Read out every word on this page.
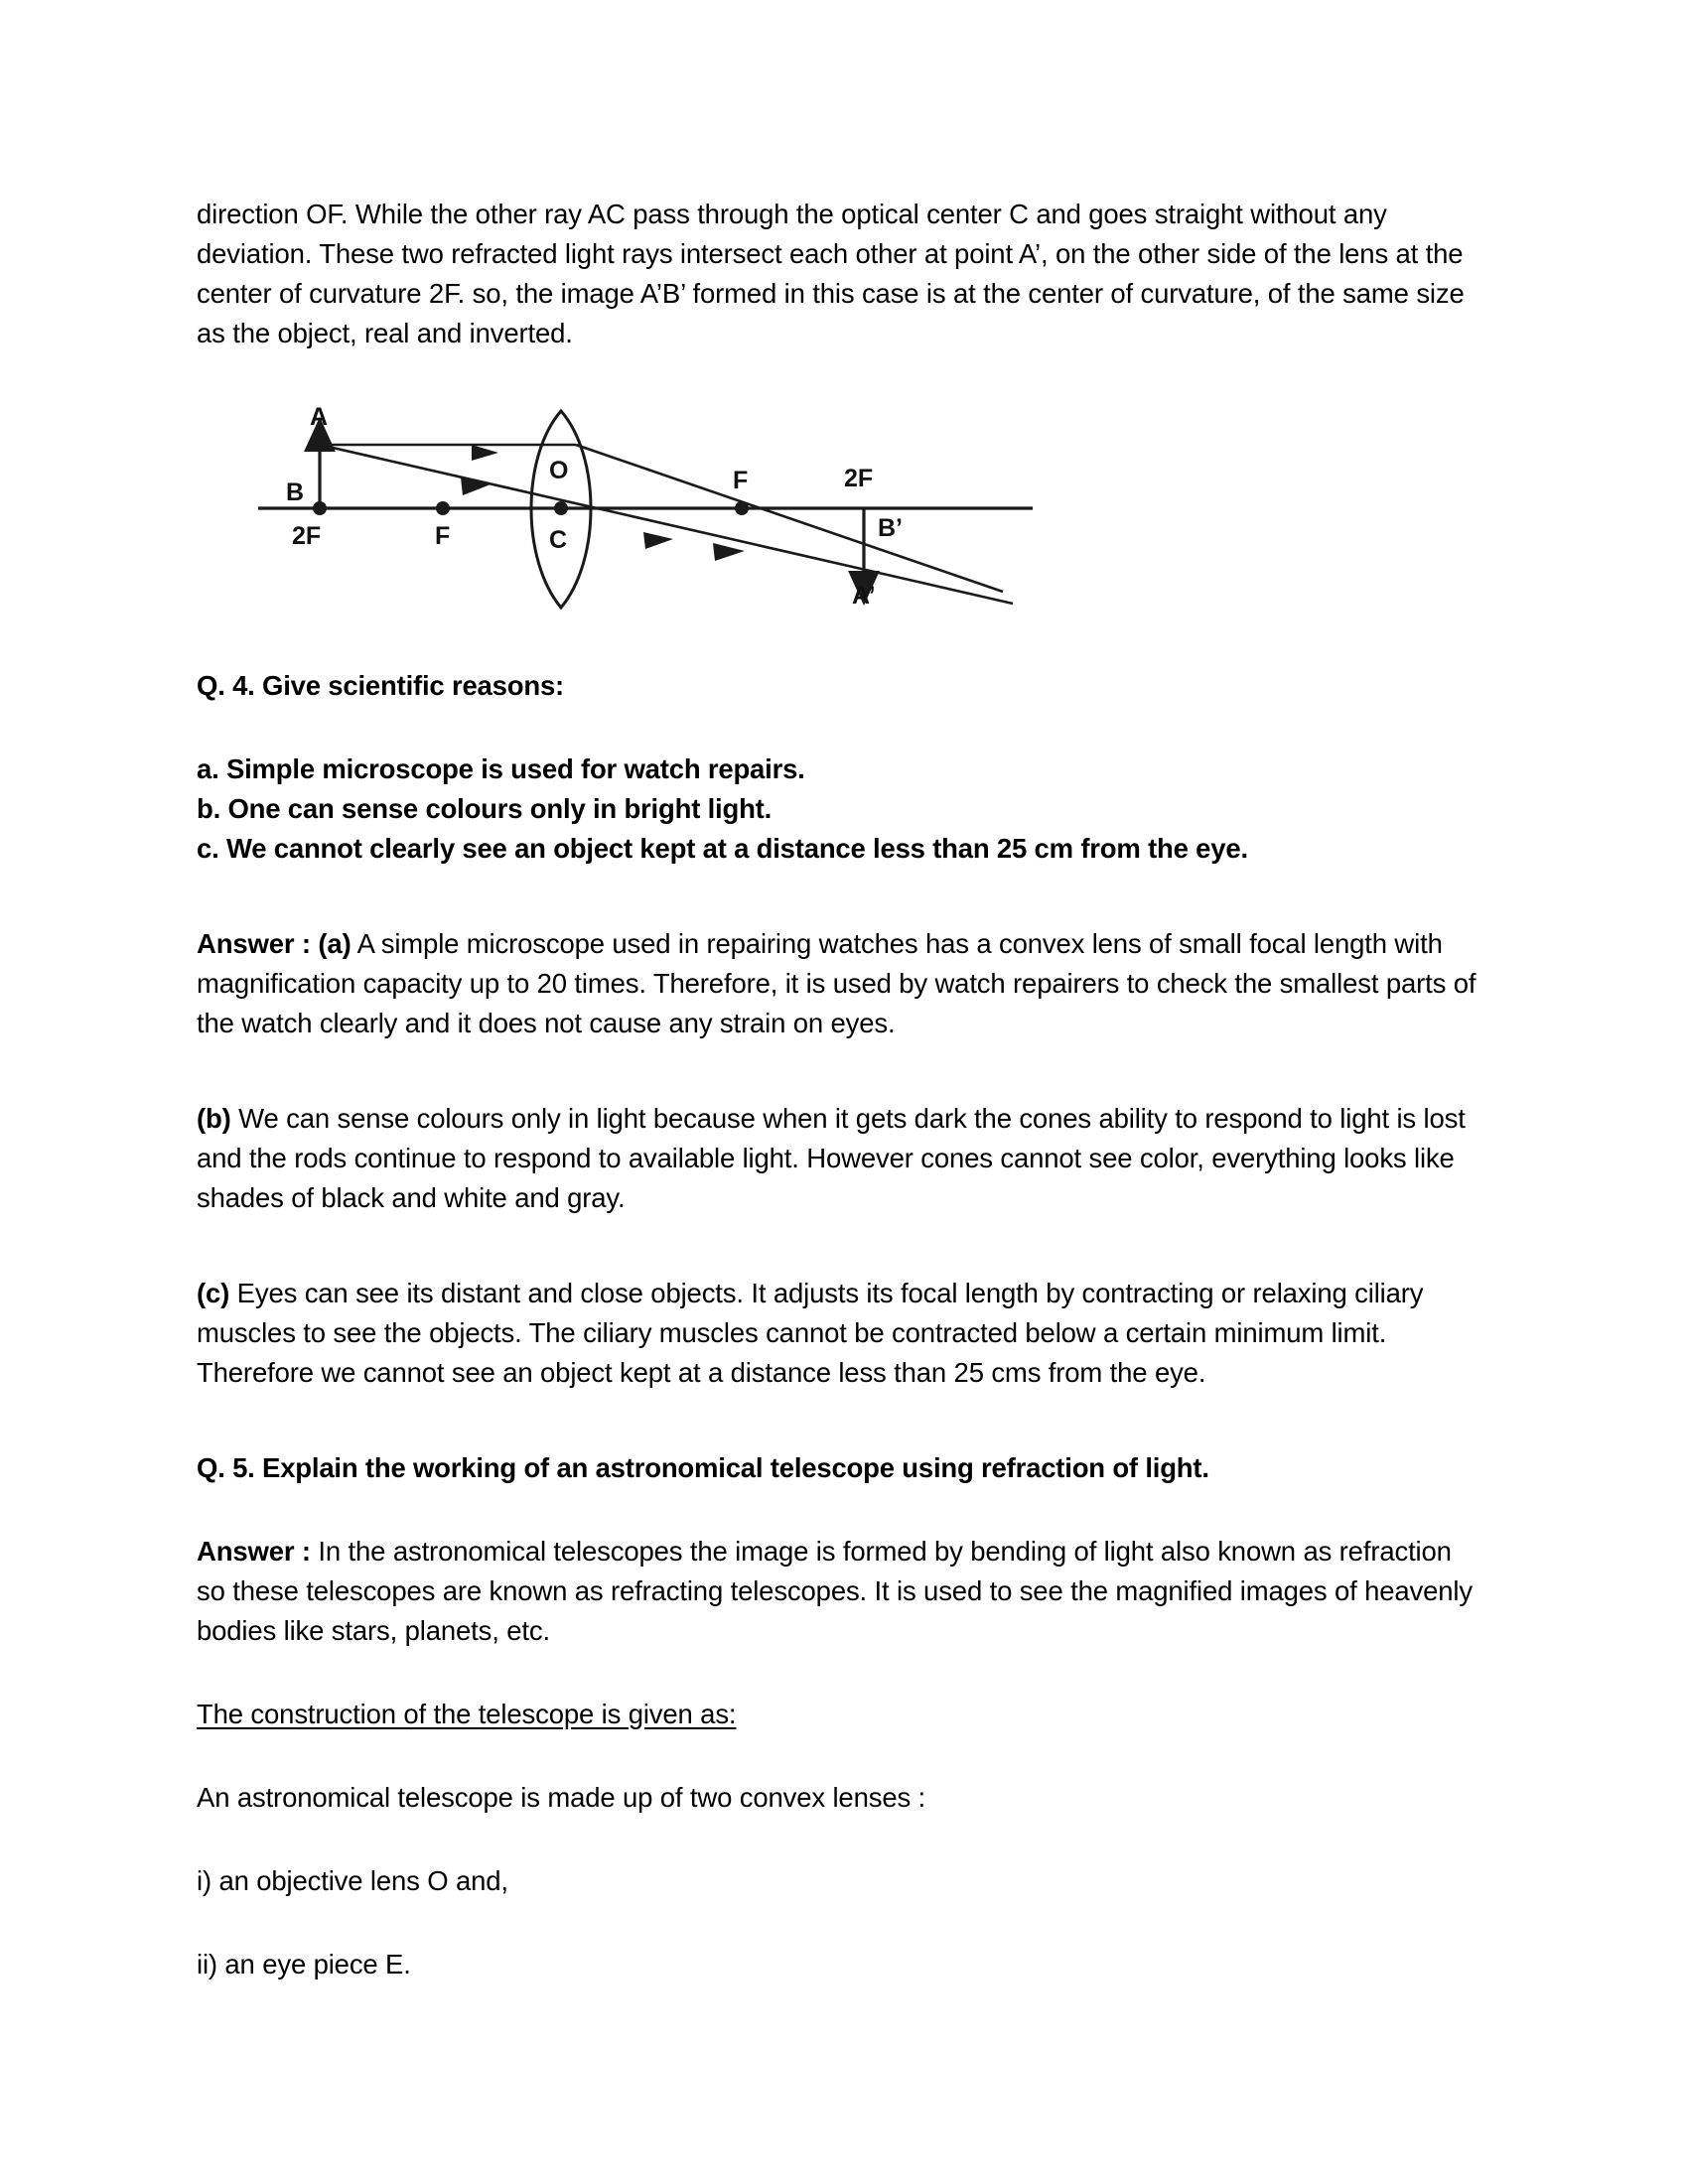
direction OF. While the other ray AC pass through the optical center C and goes straight without any deviation. These two refracted light rays intersect each other at point A’, on the other side of the lens at the center of curvature 2F. so, the image A’B’ formed in this case is at the center of curvature, of the same size as the object, real and inverted.

A
B
2F	F
O
C
F	2F
B’
A’
Q. 4. Give scientific reasons:
a. Simple microscope is used for watch repairs.
b. One can sense colours only in bright light.
c. We cannot clearly see an object kept at a distance less than 25 cm from the eye.

Answer : (a) A simple microscope used in repairing watches has a convex lens of small focal length with magnification capacity up to 20 times. Therefore, it is used by watch repairers to check the smallest parts of the watch clearly and it does not cause any strain on eyes.

(b) We can sense colours only in light because when it gets dark the cones ability to respond to light is lost and the rods continue to respond to available light. However cones cannot see color, everything looks like shades of black and white and gray.

(c) Eyes can see its distant and close objects. It adjusts its focal length by contracting or relaxing ciliary muscles to see the objects. The ciliary muscles cannot be contracted below a certain minimum limit. Therefore we cannot see an object kept at a distance less than 25 cms from the eye.

Q. 5. Explain the working of an astronomical telescope using refraction of light.

Answer : In the astronomical telescopes the image is formed by bending of light also known as refraction so these telescopes are known as refracting telescopes. It is used to see the magnified images of heavenly bodies like stars, planets, etc.

The construction of the telescope is given as:

An astronomical telescope is made up of two convex lenses :

i) an objective lens O and,

ii) an eye piece E.
